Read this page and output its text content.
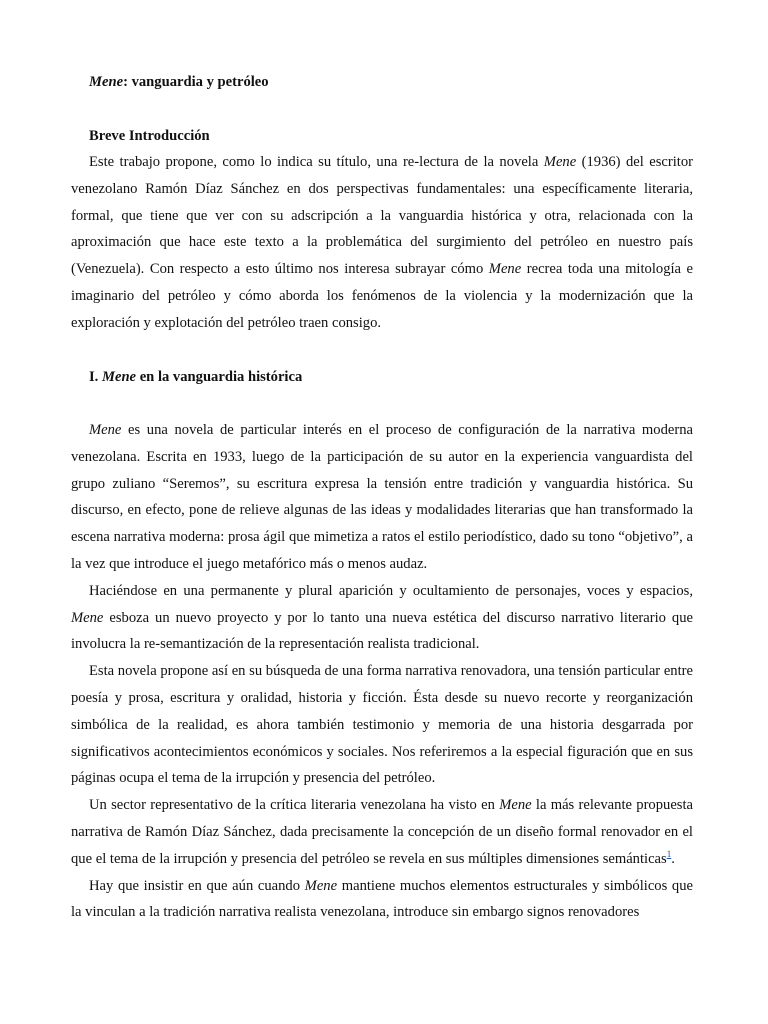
Mene: vanguardia y petróleo
Breve Introducción

Este trabajo propone, como lo indica su título, una re-lectura de la novela Mene (1936) del escritor venezolano Ramón Díaz Sánchez en dos perspectivas fundamentales: una específicamente literaria, formal, que tiene que ver con su adscripción a la vanguardia histórica y otra, relacionada con la aproximación que hace este texto a la problemática del surgimiento del petróleo en nuestro país (Venezuela). Con respecto a esto último nos interesa subrayar cómo Mene recrea toda una mitología e imaginario del petróleo y cómo aborda los fenómenos de la violencia y la modernización que la exploración y explotación del petróleo traen consigo.

I. Mene en la vanguardia histórica

Mene es una novela de particular interés en el proceso de configuración de la narrativa moderna venezolana. Escrita en 1933, luego de la participación de su autor en la experiencia vanguardista del grupo zuliano “Seremos”, su escritura expresa la tensión entre tradición y vanguardia histórica. Su discurso, en efecto, pone de relieve algunas de las ideas y modalidades literarias que han transformado la escena narrativa moderna: prosa ágil que mimetiza a ratos el estilo periodístico, dado su tono “objetivo”, a la vez que introduce el juego metafórico más o menos audaz.

Haciéndose en una permanente y plural aparición y ocultamiento de personajes, voces y espacios, Mene esboza un nuevo proyecto y por lo tanto una nueva estética del discurso narrativo literario que involucra la re-semantización de la representación realista tradicional.

Esta novela propone así en su búsqueda de una forma narrativa renovadora, una tensión particular entre poesía y prosa, escritura y oralidad, historia y ficción. Ésta desde su nuevo recorte y reorganización simbólica de la realidad, es ahora también testimonio y memoria de una historia desgarrada por significativos acontecimientos económicos y sociales. Nos referiremos a la especial figuración que en sus páginas ocupa el tema de la irrupción y presencia del petróleo.

Un sector representativo de la crítica literaria venezolana ha visto en Mene la más relevante propuesta narrativa de Ramón Díaz Sánchez, dada precisamente la concepción de un diseño formal renovador en el que el tema de la irrupción y presencia del petróleo se revela en sus múltiples dimensiones semánticas$^1$.

Hay que insistir en que aún cuando Mene mantiene muchos elementos estructurales y simbólicos que la vinculan a la tradición narrativa realista venezolana, introduce sin embargo signos renovadores
